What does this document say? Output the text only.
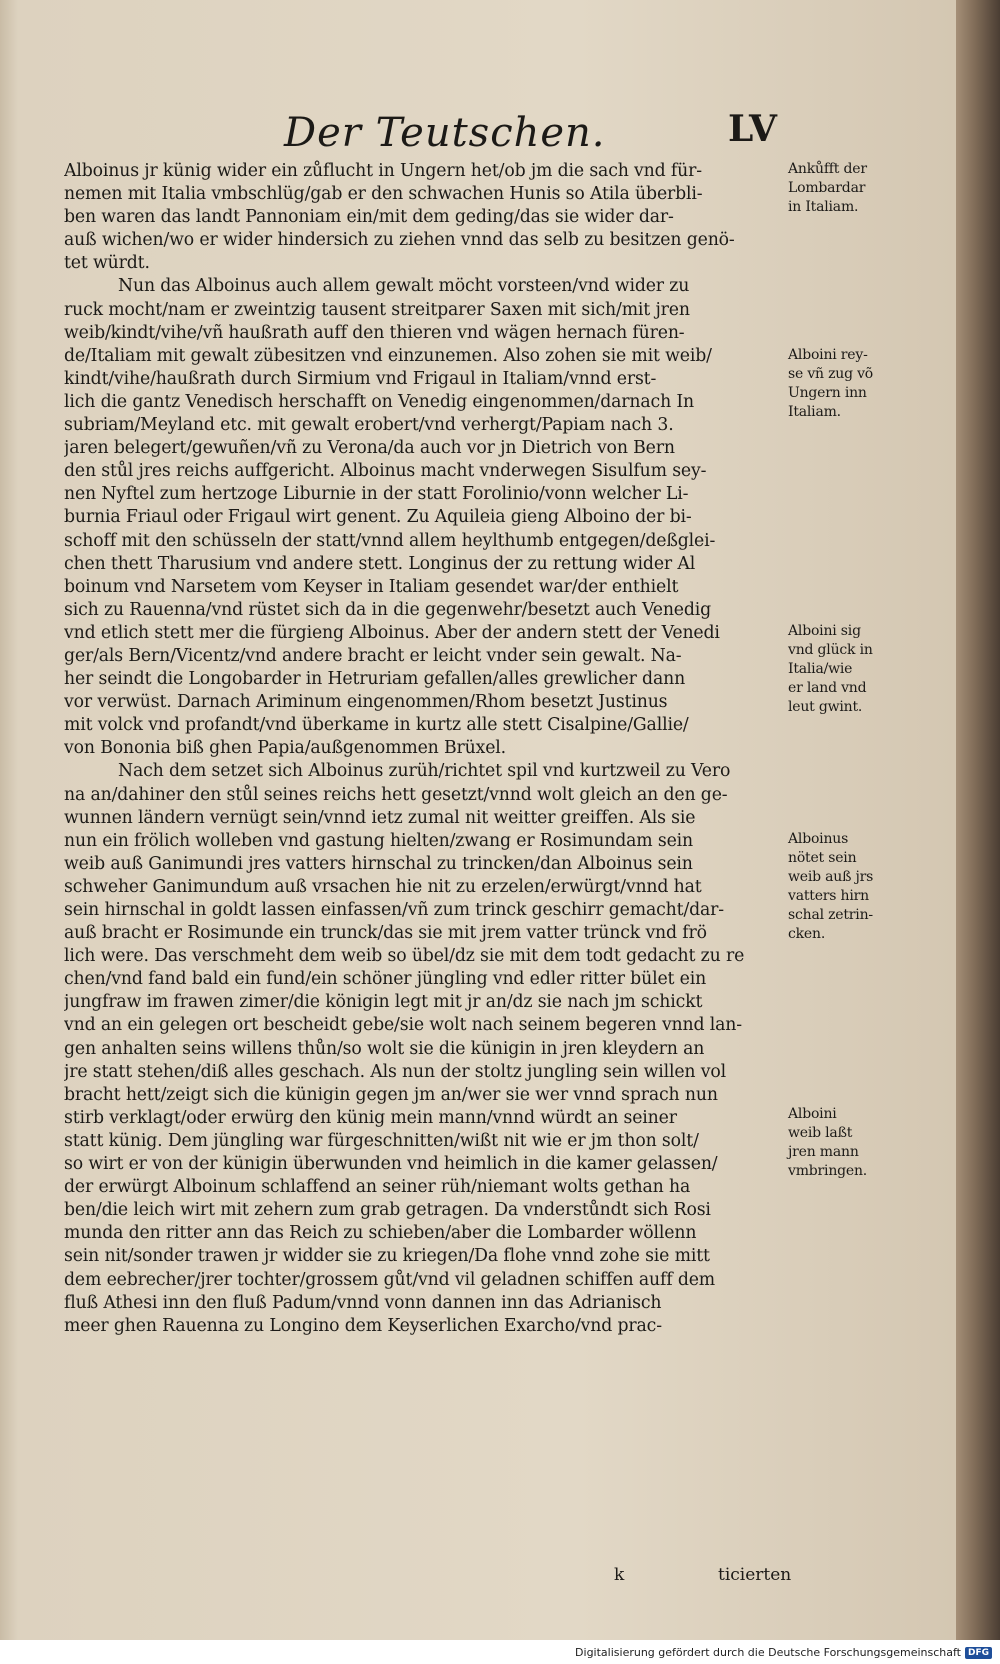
Der Teutschen.	LV
Alboinus jr künig wider ein zůflucht in Ungern het/ob jm die sach vnd für‐
nemen mit Italia vmbschlüg/gab er den schwachen Hunis so Atila überbli‐
ben waren das landt Pannoniam ein/mit dem geding/das sie wider dar‐
auß wichen/wo er wider hindersich zu ziehen vnnd das selb zu besitzen genö‐
tet würdt.
Nun das Alboinus auch allem gewalt möcht vorsteen/vnd wider zu
ruck mocht/nam er zweintzig tausent streitparer Saxen mit sich/mit jren
weib/kindt/vihe/vñ haußrath auff den thieren vnd wägen hernach füren‐
de/Italiam mit gewalt zübesitzen vnd einzunemen. Also zohen sie mit weib/
kindt/vihe/haußrath durch Sirmium vnd Frigaul in Italiam/vnnd erst‐
lich die gantz Venedisch herschafft on Venedig eingenommen/darnach In
subriam/Meyland etc. mit gewalt erobert/vnd verhergt/Papiam nach 3.
jaren belegert/gewuñen/vñ zu Verona/da auch vor jn Dietrich von Bern
den stůl jres reichs auffgericht. Alboinus macht vnderwegen Sisulfum sey‐
nen Nyftel zum hertzoge Liburnie in der statt Forolinio/vonn welcher Li‐
burnia Friaul oder Frigaul wirt genent. Zu Aquileia gieng Alboino der bi‐
schoff mit den schüsseln der statt/vnnd allem heylthumb entgegen/deßglei‐
chen thett Tharusium vnd andere stett. Longinus der zu rettung wider Al
boinum vnd Narsetem vom Keyser in Italiam gesendet war/der enthielt
sich zu Rauenna/vnd rüstet sich da in die gegenwehr/besetzt auch Venedig
vnd etlich stett mer die fürgieng Alboinus. Aber der andern stett der Venedi
ger/als Bern/Vicentz/vnd andere bracht er leicht vnder sein gewalt. Na‐
her seindt die Longobarder in Hetruriam gefallen/alles grewlicher dann
vor verwüst. Darnach Ariminum eingenommen/Rhom besetzt Justinus
mit volck vnd profandt/vnd überkame in kurtz alle stett Cisalpine/Gallie/
von Bononia biß ghen Papia/außgenommen Brüxel.
Nach dem setzet sich Alboinus zurüh/richtet spil vnd kurtzweil zu Vero
na an/dahiner den stůl seines reichs hett gesetzt/vnnd wolt gleich an den ge‐
wunnen ländern vernügt sein/vnnd ietz zumal nit weitter greiffen. Als sie
nun ein frölich wolleben vnd gastung hielten/zwang er Rosimundam sein
weib auß Ganimundi jres vatters hirnschal zu trincken/dan Alboinus sein
schweher Ganimundum auß vrsachen hie nit zu erzelen/erwürgt/vnnd hat
sein hirnschal in goldt lassen einfassen/vñ zum trinck geschirr gemacht/dar‐
auß bracht er Rosimunde ein trunck/das sie mit jrem vatter trünck vnd frö
lich were. Das verschmeht dem weib so übel/dz sie mit dem todt gedacht zu re
chen/vnd fand bald ein fund/ein schöner jüngling vnd edler ritter bület ein
jungfraw im frawen zimer/die königin legt mit jr an/dz sie nach jm schickt
vnd an ein gelegen ort bescheidt gebe/sie wolt nach seinem begeren vnnd lan‐
gen anhalten seins willens thůn/so wolt sie die künigin in jren kleydern an
jre statt stehen/diß alles geschach. Als nun der stoltz jungling sein willen vol
bracht hett/zeigt sich die künigin gegen jm an/wer sie wer vnnd sprach nun
stirb verklagt/oder erwürg den künig mein mann/vnnd würdt an seiner
statt künig. Dem jüngling war fürgeschnitten/wißt nit wie er jm thon solt/
so wirt er von der künigin überwunden vnd heimlich in die kamer gelassen/
der erwürgt Alboinum schlaffend an seiner rüh/niemant wolts gethan ha
ben/die leich wirt mit zehern zum grab getragen. Da vnderstůndt sich Rosi
munda den ritter ann das Reich zu schieben/aber die Lombarder wöllenn
sein nit/sonder trawen jr widder sie zu kriegen/Da flohe vnnd zohe sie mitt
dem eebrecher/jrer tochter/grossem gůt/vnd vil geladnen schiffen auff dem
fluß Athesi inn den fluß Padum/vnnd vonn dannen inn das Adrianisch
meer ghen Rauenna zu Longino dem Keyserlichen Exarcho/vnd prac‐
Ankůfft der
Lombardar
in Italiam.
Alboini rey‐
se vñ zug võ
Ungern inn
Italiam.
Alboini sig
vnd glück in
Italia/wie
er land vnd
leut gwint.
Alboinus
nötet sein
weib auß jrs
vatters hirn
schal zetrin‐
cken.
Alboini
weib laßt
jren mann
vmbringen.
k	ticierten
Digitalisierung gefördert durch die Deutsche Forschungsgemeinschaft DFG
